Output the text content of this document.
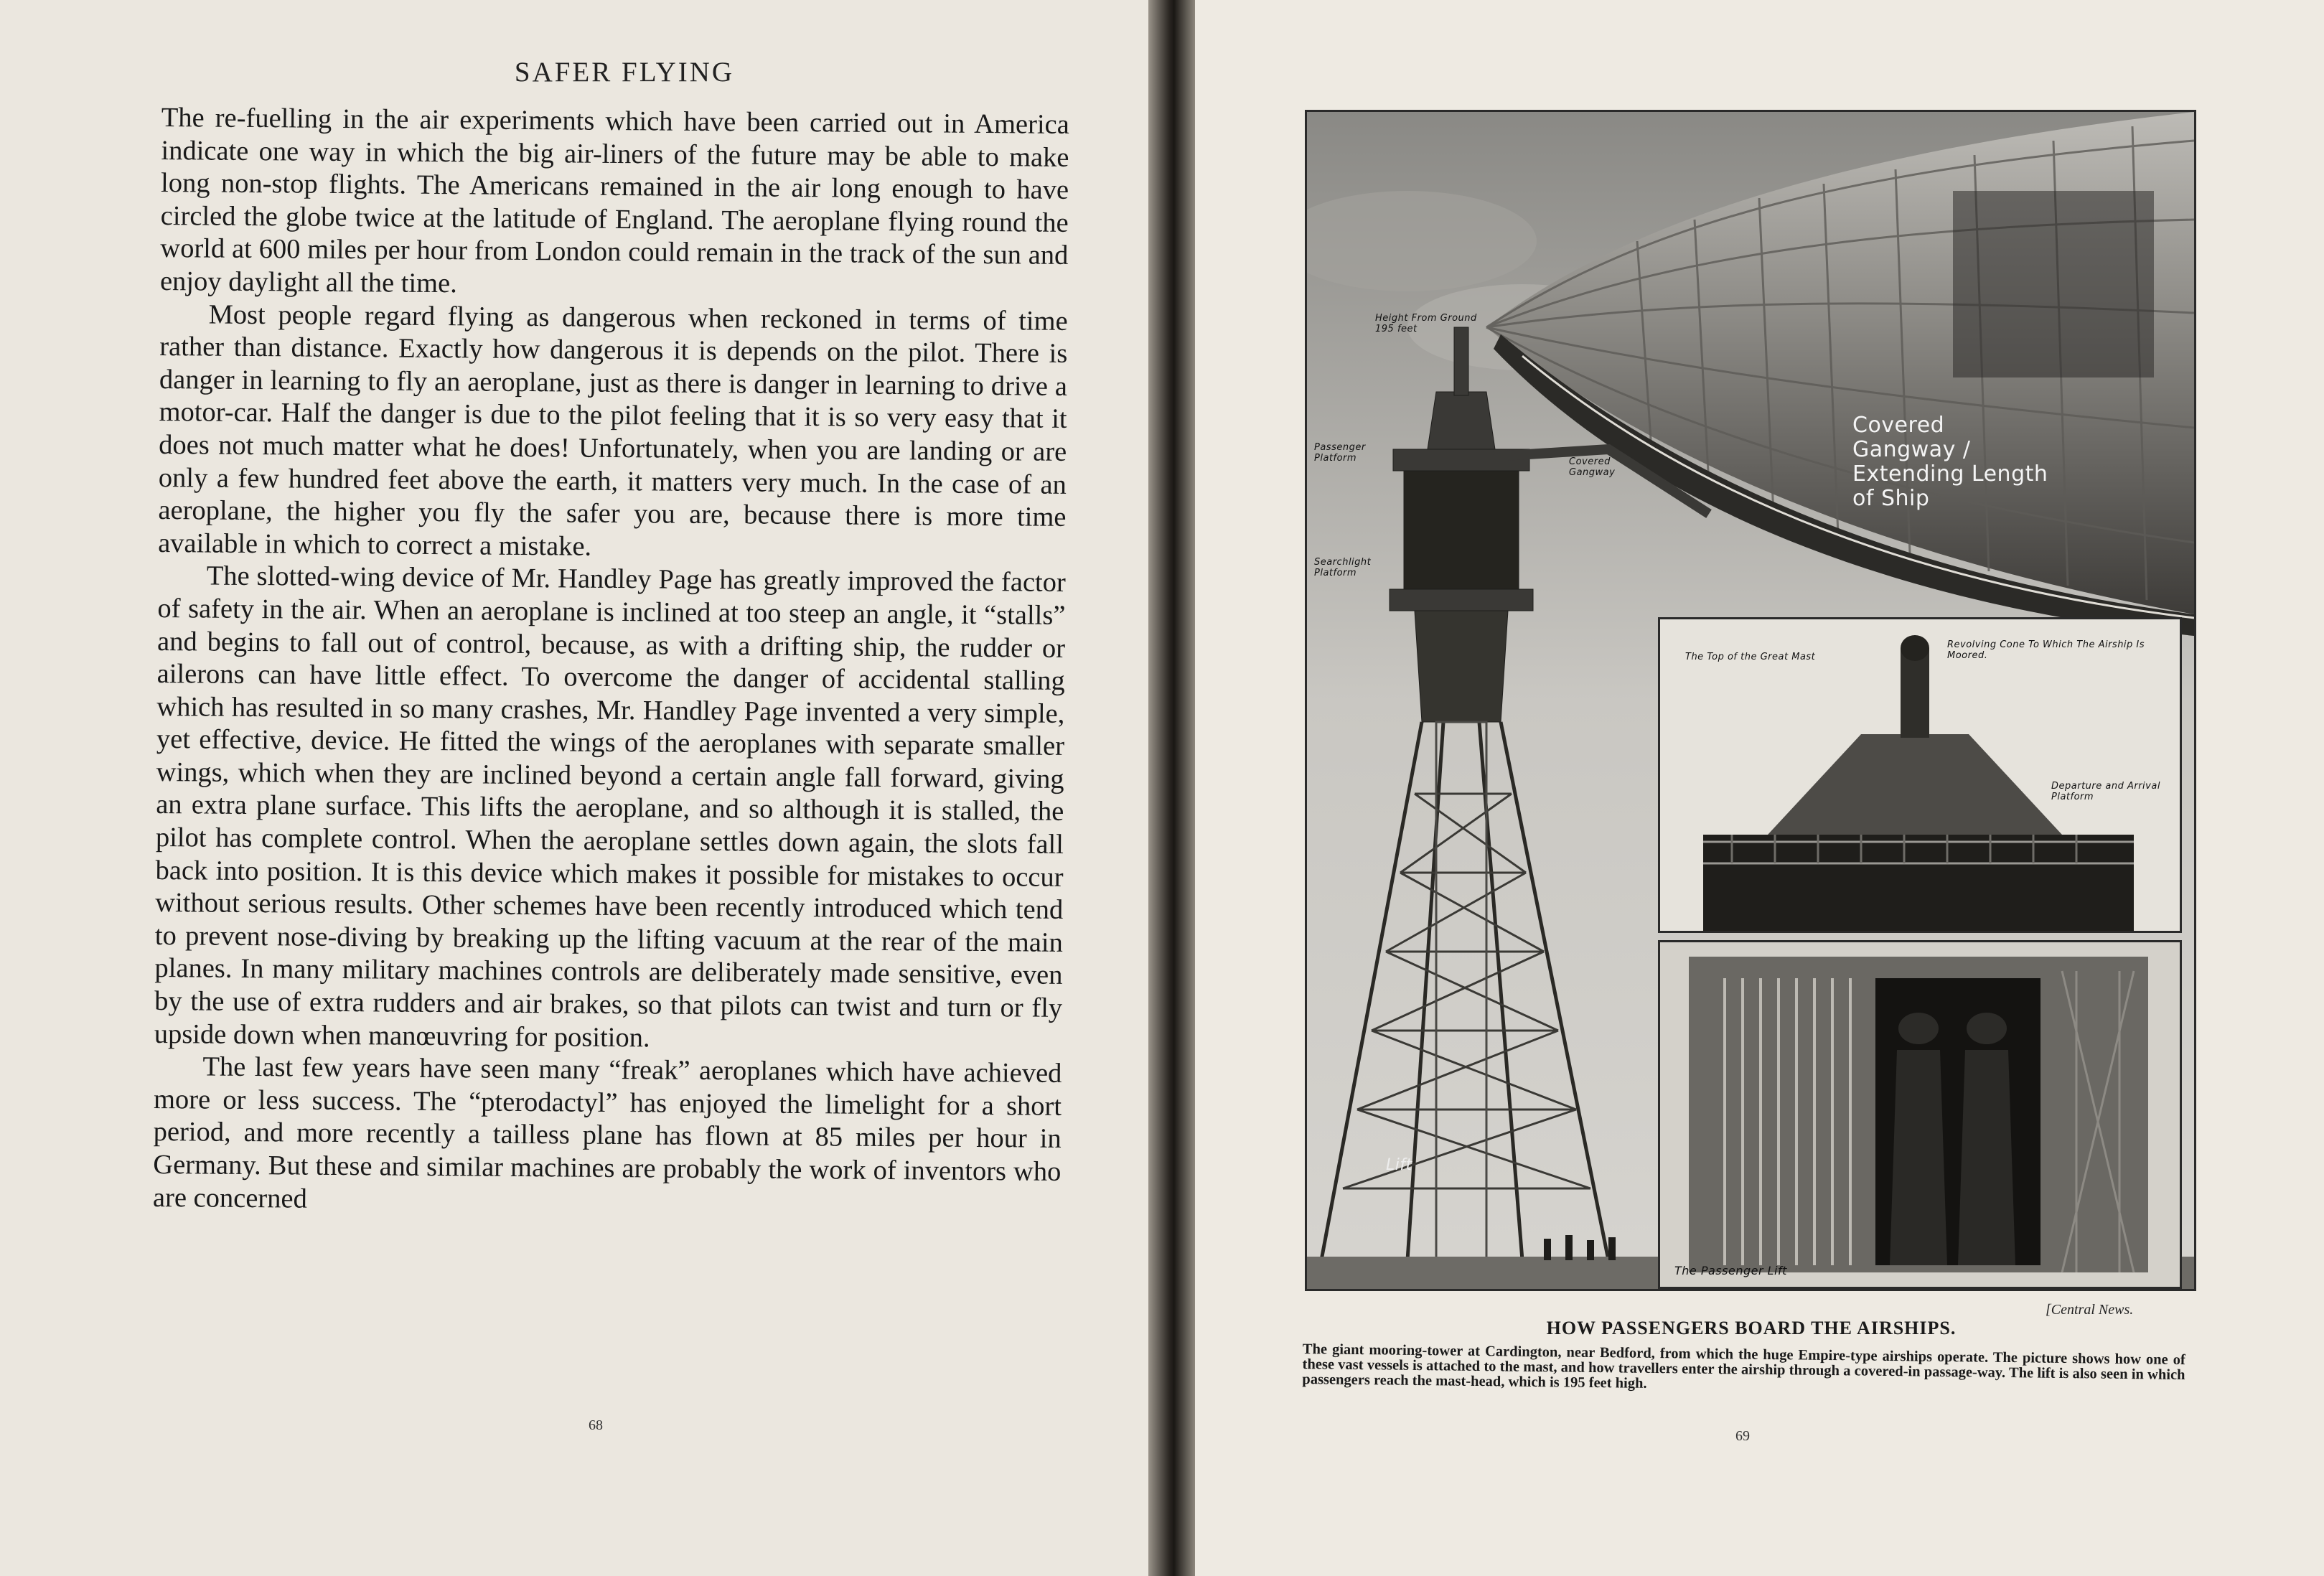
SAFER FLYING

The re-fuelling in the air experiments which have been carried out in America indicate one way in which the big air-liners of the future may be able to make long non-stop flights. The Americans remained in the air long enough to have circled the globe twice at the latitude of England. The aeroplane flying round the world at 600 miles per hour from London could remain in the track of the sun and enjoy daylight all the time.

Most people regard flying as dangerous when reckoned in terms of time rather than distance. Exactly how dangerous it is depends on the pilot. There is danger in learning to fly an aeroplane, just as there is danger in learning to drive a motor-car. Half the danger is due to the pilot feeling that it is so very easy that it does not much matter what he does! Unfortunately, when you are landing or are only a few hundred feet above the earth, it matters very much. In the case of an aeroplane, the higher you fly the safer you are, because there is more time available in which to correct a mistake.

The slotted-wing device of Mr. Handley Page has greatly improved the factor of safety in the air. When an aeroplane is inclined at too steep an angle, it “stalls” and begins to fall out of control, because, as with a drifting ship, the rudder or ailerons can have little effect. To overcome the danger of accidental stalling which has resulted in so many crashes, Mr. Handley Page invented a very simple, yet effective, device. He fitted the wings of the aeroplanes with separate smaller wings, which when they are inclined beyond a certain angle fall forward, giving an extra plane surface. This lifts the aeroplane, and so although it is stalled, the pilot has complete control. When the aeroplane settles down again, the slots fall back into position. It is this device which makes it possible for mistakes to occur without serious results. Other schemes have been recently introduced which tend to prevent nose-diving by breaking up the lifting vacuum at the rear of the main planes. In many military machines controls are deliberately made sensitive, even by the use of extra rudders and air brakes, so that pilots can twist and turn or fly upside down when manœuvring for position.

The last few years have seen many “freak” aeroplanes which have achieved more or less success. The “pterodactyl” has enjoyed the limelight for a short period, and more recently a tailless plane has flown at 85 miles per hour in Germany. But these and similar machines are probably the work of inventors who are concerned

68
Height From Ground 195 feet
Passenger Platform	Covered Gangway
Searchlight Platform
Covered Gangway / Extending Length of Ship
Lift
The Top of the Great Mast
Revolving Cone To Which The Airship Is Moored.
Departure and Arrival Platform
The Passenger Lift
[Central News.
HOW PASSENGERS BOARD THE AIRSHIPS.
The giant mooring-tower at Cardington, near Bedford, from which the huge Empire-type airships operate. The picture shows how one of these vast vessels is attached to the mast, and how travellers enter the airship through a covered-in passage-way. The lift is also seen in which passengers reach the mast-head, which is 195 feet high.
69
